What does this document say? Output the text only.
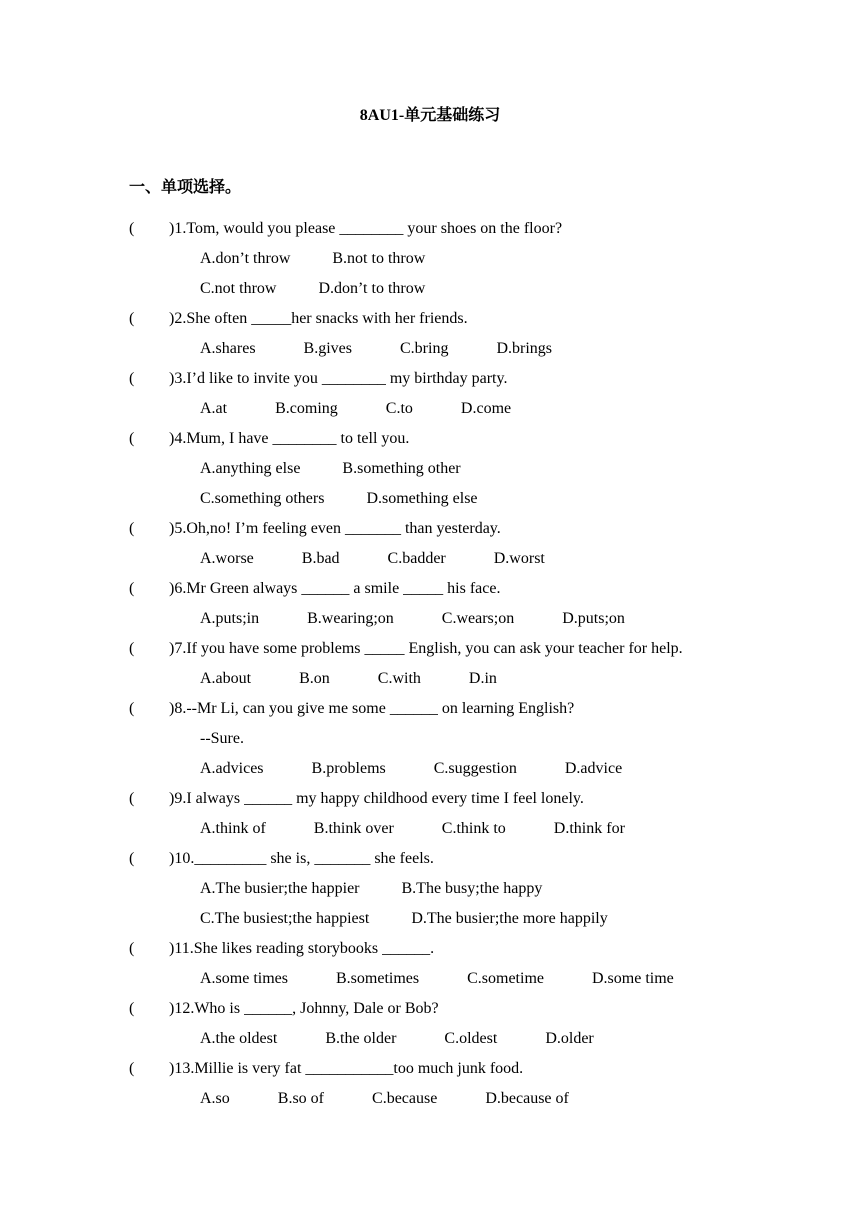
8AU1-单元基础练习
一、单项选择。
( )1.Tom, would you please ________ your shoes on the floor?
A.don’t throw	B.not to throw
C.not throw	D.don’t to throw
( )2.She often _____her snacks with her friends.
A.shares	B.gives	C.bring	D.brings
( )3.I’d like to invite you ________ my birthday party.
A.at	B.coming	C.to	D.come
( )4.Mum, I have ________ to tell you.
A.anything else	B.something other
C.something others	D.something else
( )5.Oh,no! I’m feeling even _______ than yesterday.
A.worse	B.bad	C.badder	D.worst
( )6.Mr Green always ______ a smile _____ his face.
A.puts;in	B.wearing;on	C.wears;on	D.puts;on
( )7.If you have some problems _____ English, you can ask your teacher for help.
A.about	B.on	C.with	D.in
( )8.--Mr Li, can you give me some ______ on learning English?
--Sure.
A.advices	B.problems	C.suggestion	D.advice
( )9.I always ______ my happy childhood every time I feel lonely.
A.think of	B.think over	C.think to	D.think for
( )10._________ she is, _______ she feels.
A.The busier;the happier	B.The busy;the happy
C.The busiest;the happiest	D.The busier;the more happily
( )11.She likes reading storybooks ______.
A.some times	B.sometimes	C.sometime	D.some time
( )12.Who is ______, Johnny, Dale or Bob?
A.the oldest	B.the older	C.oldest	D.older
( )13.Millie is very fat ___________too much junk food.
A.so	B.so of	C.because	D.because of
